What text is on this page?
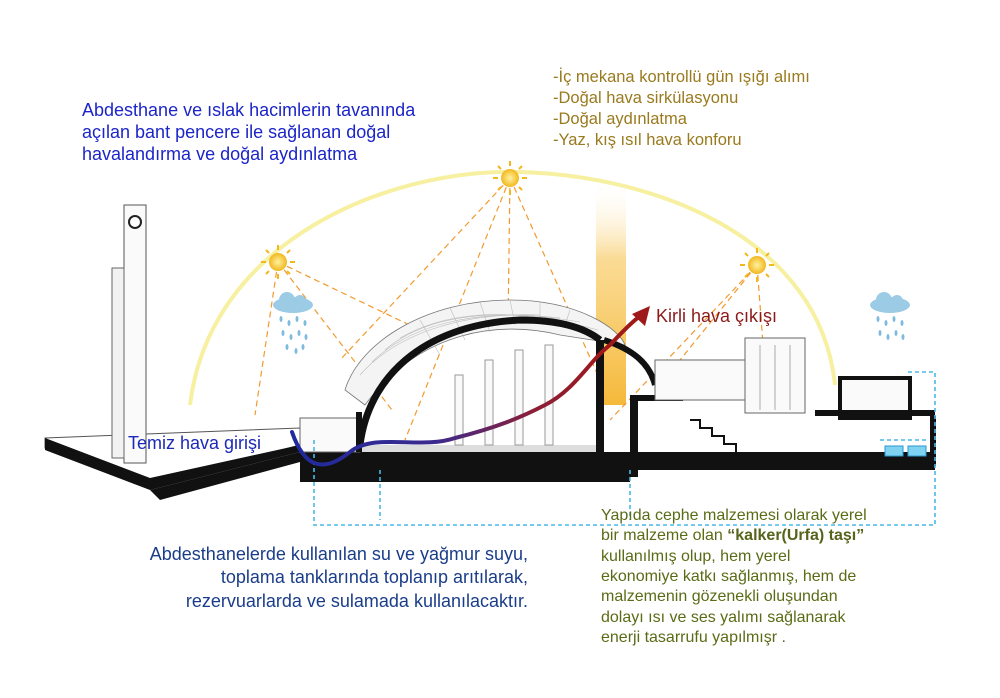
Abdesthane ve ıslak hacimlerin tavanında
açılan bant pencere ile sağlanan doğal
havalandırma ve doğal aydınlatma
-İç mekana kontrollü gün ışığı alımı
-Doğal hava sirkülasyonu
-Doğal aydınlatma
-Yaz, kış ısıl hava konforu
Temiz hava girişi
Kirli hava çıkışı
Abdesthanelerde kullanılan su ve yağmur suyu,
toplama tanklarında toplanıp arıtılarak,
rezervuarlarda ve sulamada kullanılacaktır.
Yapıda cephe malzemesi olarak yerel
bir malzeme olan “kalker(Urfa) taşı”
kullanılmış olup, hem yerel
ekonomiye katkı sağlanmış, hem de
malzemenin gözenekli oluşundan
dolayı ısı ve ses yalımı sağlanarak
enerji tasarrufu yapılmışr .
